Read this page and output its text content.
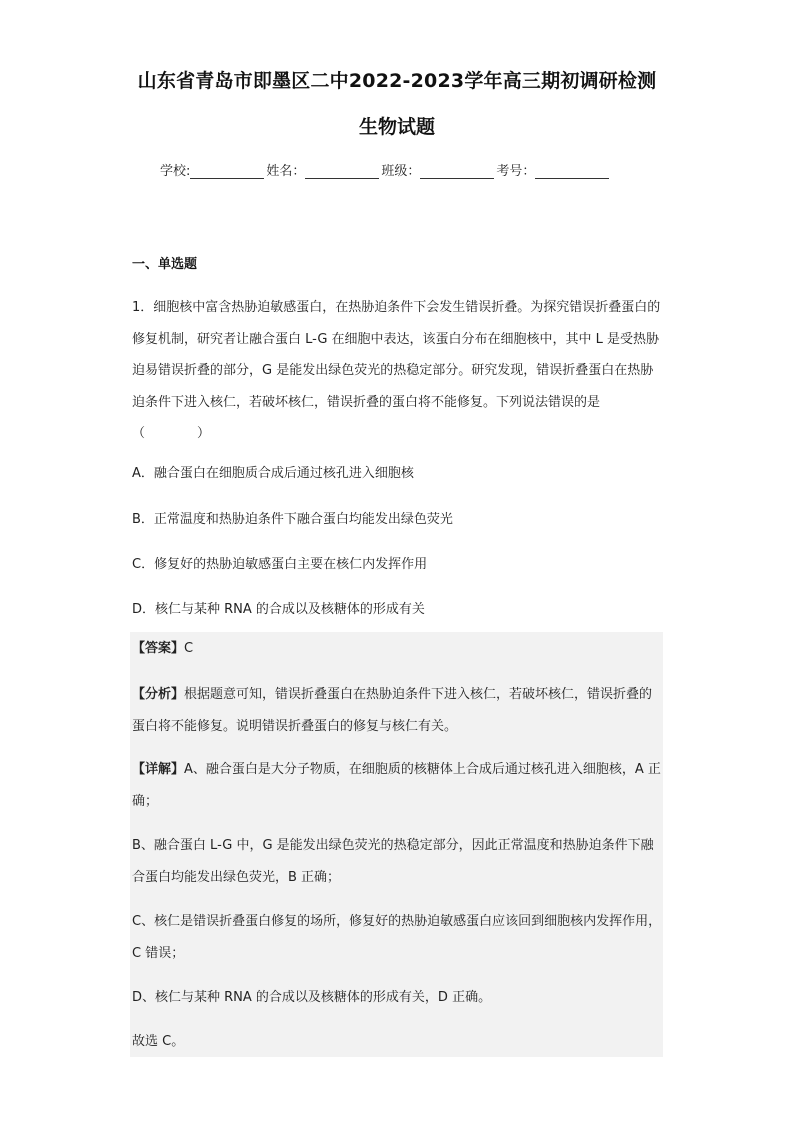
山东省青岛市即墨区二中2022-2023学年高三期初调研检测
生物试题
学校:	姓名：	班级：	考号：
一、单选题
1．细胞核中富含热胁迫敏感蛋白，在热胁迫条件下会发生错误折叠。为探究错误折叠蛋白的修复机制，研究者让融合蛋白 L-G 在细胞中表达，该蛋白分布在细胞核中，其中 L 是受热胁迫易错误折叠的部分，G 是能发出绿色荧光的热稳定部分。研究发现，错误折叠蛋白在热胁迫条件下进入核仁，若破坏核仁，错误折叠的蛋白将不能修复。下列说法错误的是（　　　　）
A．融合蛋白在细胞质合成后通过核孔进入细胞核
B．正常温度和热胁迫条件下融合蛋白均能发出绿色荧光
C．修复好的热胁迫敏感蛋白主要在核仁内发挥作用
D．核仁与某种 RNA 的合成以及核糖体的形成有关
【答案】C
【分析】根据题意可知，错误折叠蛋白在热胁迫条件下进入核仁，若破坏核仁，错误折叠的蛋白将不能修复。说明错误折叠蛋白的修复与核仁有关。
【详解】A、融合蛋白是大分子物质，在细胞质的核糖体上合成后通过核孔进入细胞核，A 正确；
B、融合蛋白 L-G 中，G 是能发出绿色荧光的热稳定部分，因此正常温度和热胁迫条件下融合蛋白均能发出绿色荧光，B 正确；
C、核仁是错误折叠蛋白修复的场所，修复好的热胁迫敏感蛋白应该回到细胞核内发挥作用，C 错误；
D、核仁与某种 RNA 的合成以及核糖体的形成有关，D 正确。
故选 C。
